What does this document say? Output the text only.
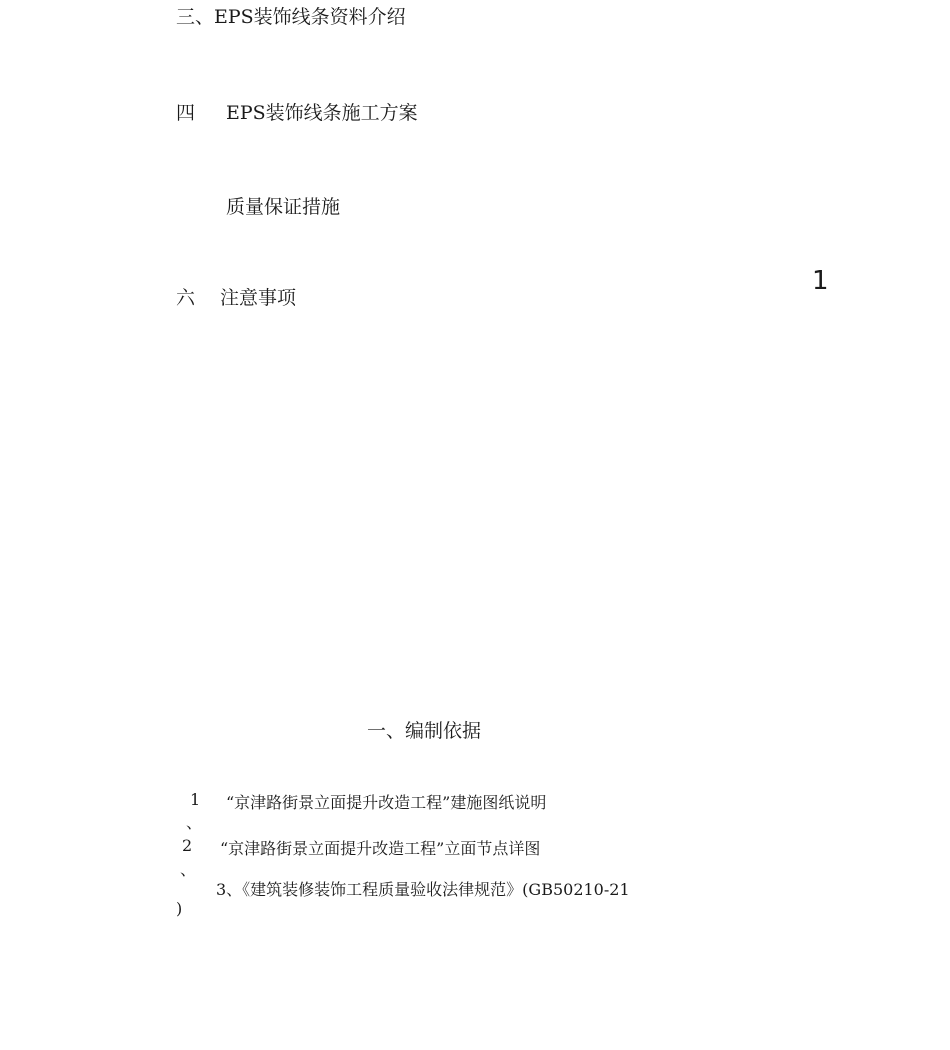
三、EPS装饰线条资料介绍
四 EPS装饰线条施工方案
质量保证措施
六 注意事项
1
一、编制依据
1 “京津路街景立面提升改造工程”建施图纸说明
、
2 “京津路街景立面提升改造工程”立面节点详图
、
3、《建筑装修装饰工程质量验收法律规范》(GB50210-21
)
